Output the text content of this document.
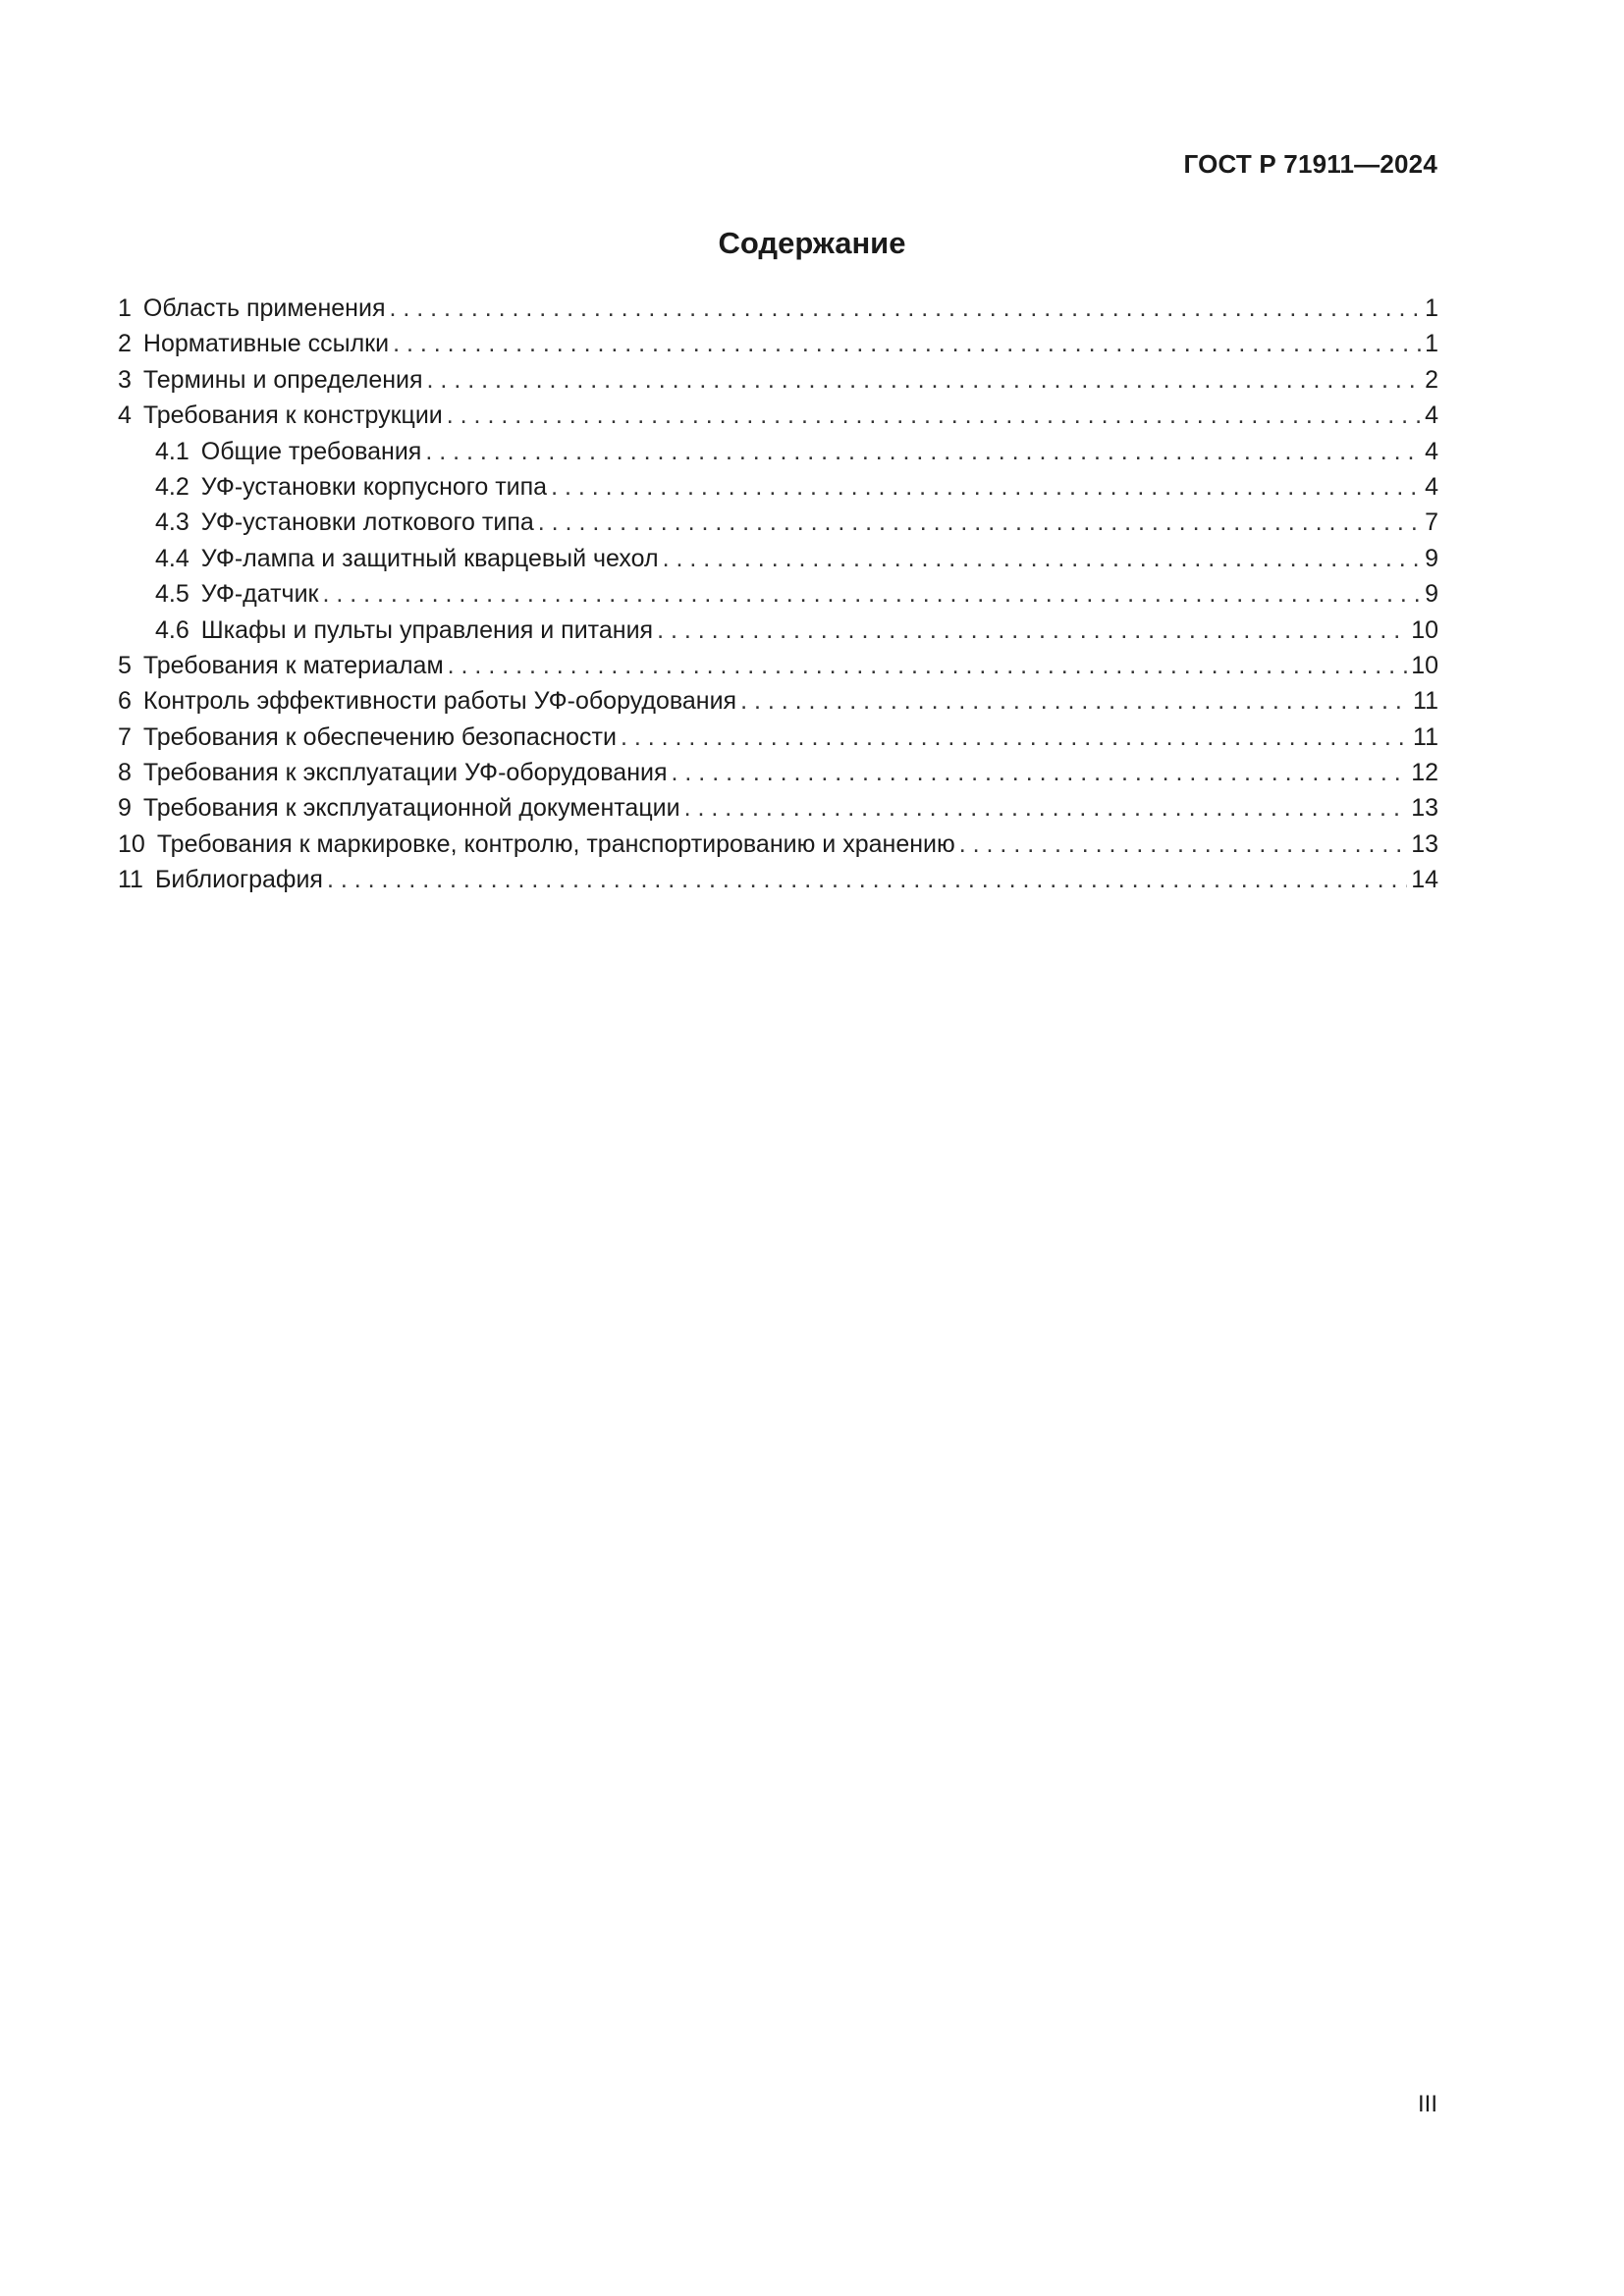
ГОСТ Р 71911—2024
Содержание
1 Область применения . . .	1
2 Нормативные ссылки . . .	1
3 Термины и определения . . .	2
4 Требования к конструкции . . .	4
4.1 Общие требования . . .	4
4.2 УФ-установки корпусного типа . . .	4
4.3 УФ-установки лоткового типа . . .	7
4.4 УФ-лампа и защитный кварцевый чехол . . .	9
4.5 УФ-датчик . . .	9
4.6 Шкафы и пульты управления и питания . . .	10
5 Требования к материалам . . .	10
6 Контроль эффективности работы УФ-оборудования . . .	11
7 Требования к обеспечению безопасности . . .	11
8 Требования к эксплуатации УФ-оборудования . . .	12
9 Требования к эксплуатационной документации . . .	13
10 Требования к маркировке, контролю, транспортированию и хранению . . .	13
11 Библиография . . .	14
III
